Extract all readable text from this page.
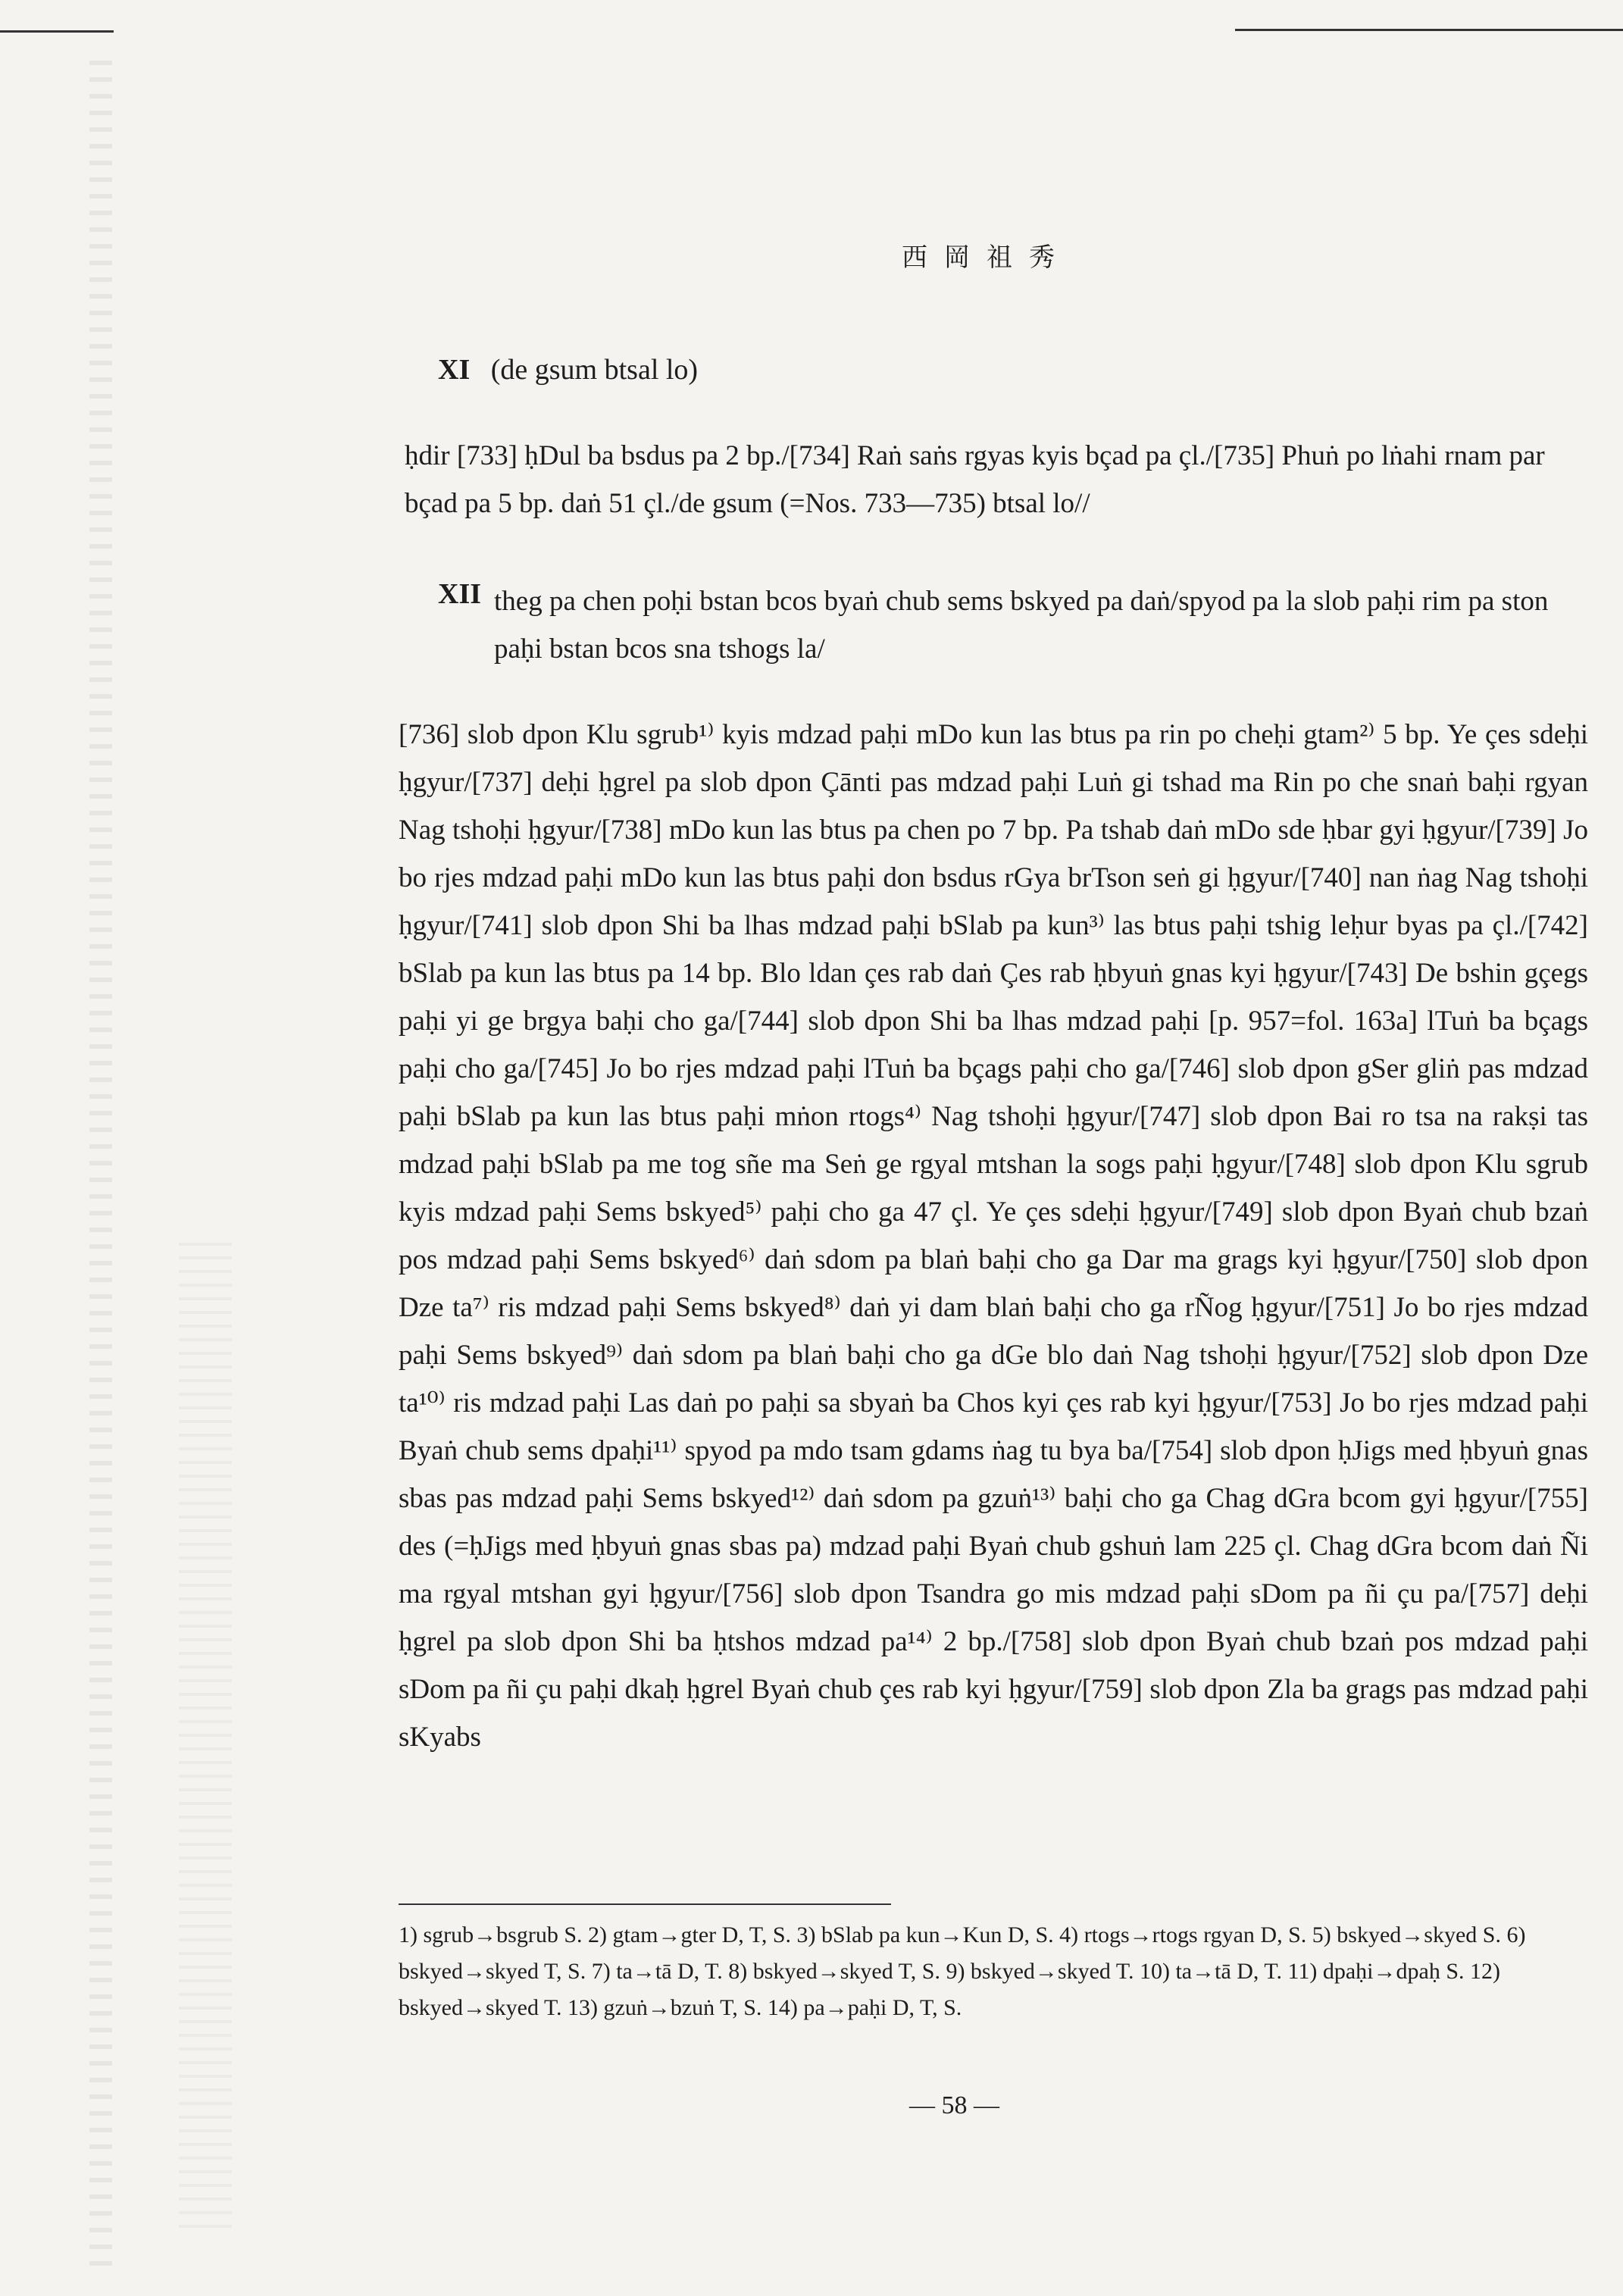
西岡祖秀
XI (de gsum btsal lo)
ḥdir [733] ḥDul ba bsdus pa 2 bp./[734] Raṅ saṅs rgyas kyis bçad pa çl./[735] Phuṅ po lṅahi rnam par bçad pa 5 bp. daṅ 51 çl./de gsum (=Nos. 733—735) btsal lo//
XII theg pa chen poḥi bstan bcos byaṅ chub sems bskyed pa daṅ/spyod pa la slob paḥi rim pa ston paḥi bstan bcos sna tshogs la/
[736] slob dpon Klu sgrub¹⁾ kyis mdzad paḥi mDo kun las btus pa rin po cheḥi gtam²⁾ 5 bp. Ye çes sdeḥi ḥgyur/[737] deḥi ḥgrel pa slob dpon Çānti pas mdzad paḥi Luṅ gi tshad ma Rin po che snaṅ baḥi rgyan Nag tshoḥi ḥgyur/[738] mDo kun las btus pa chen po 7 bp. Pa tshab daṅ mDo sde ḥbar gyi ḥgyur/[739] Jo bo rjes mdzad paḥi mDo kun las btus paḥi don bsdus rGya brTson seṅ gi ḥgyur/[740] nan ṅag Nag tshoḥi ḥgyur/[741] slob dpon Shi ba lhas mdzad paḥi bSlab pa kun³⁾ las btus paḥi tshig leḥur byas pa çl./[742] bSlab pa kun las btus pa 14 bp. Blo ldan çes rab daṅ Çes rab ḥbyuṅ gnas kyi ḥgyur/[743] De bshin gçegs paḥi yi ge brgya baḥi cho ga/[744] slob dpon Shi ba lhas mdzad paḥi [p. 957=fol. 163a] lTuṅ ba bçags paḥi cho ga/[745] Jo bo rjes mdzad paḥi lTuṅ ba bçags paḥi cho ga/[746] slob dpon gSer gliṅ pas mdzad paḥi bSlab pa kun las btus paḥi mṅon rtogs⁴⁾ Nag tshoḥi ḥgyur/[747] slob dpon Bai ro tsa na rakṣi tas mdzad paḥi bSlab pa me tog sñe ma Seṅ ge rgyal mtshan la sogs paḥi ḥgyur/[748] slob dpon Klu sgrub kyis mdzad paḥi Sems bskyed⁵⁾ paḥi cho ga 47 çl. Ye çes sdeḥi ḥgyur/[749] slob dpon Byaṅ chub bzaṅ pos mdzad paḥi Sems bskyed⁶⁾ daṅ sdom pa blaṅ baḥi cho ga Dar ma grags kyi ḥgyur/[750] slob dpon Dze ta⁷⁾ ris mdzad paḥi Sems bskyed⁸⁾ daṅ yi dam blaṅ baḥi cho ga rÑog ḥgyur/[751] Jo bo rjes mdzad paḥi Sems bskyed⁹⁾ daṅ sdom pa blaṅ baḥi cho ga dGe blo daṅ Nag tshoḥi ḥgyur/[752] slob dpon Dze ta¹⁰⁾ ris mdzad paḥi Las daṅ po paḥi sa sbyaṅ ba Chos kyi çes rab kyi ḥgyur/[753] Jo bo rjes mdzad paḥi Byaṅ chub sems dpaḥi¹¹⁾ spyod pa mdo tsam gdams ṅag tu bya ba/[754] slob dpon ḥJigs med ḥbyuṅ gnas sbas pas mdzad paḥi Sems bskyed¹²⁾ daṅ sdom pa gzuṅ¹³⁾ baḥi cho ga Chag dGra bcom gyi ḥgyur/[755] des (=ḥJigs med ḥbyuṅ gnas sbas pa) mdzad paḥi Byaṅ chub gshuṅ lam 225 çl. Chag dGra bcom daṅ Ñi ma rgyal mtshan gyi ḥgyur/[756] slob dpon Tsandra go mis mdzad paḥi sDom pa ñi çu pa/[757] deḥi ḥgrel pa slob dpon Shi ba ḥtshos mdzad pa¹⁴⁾ 2 bp./[758] slob dpon Byaṅ chub bzaṅ pos mdzad paḥi sDom pa ñi çu paḥi dkaḥ ḥgrel Byaṅ chub çes rab kyi ḥgyur/[759] slob dpon Zla ba grags pas mdzad paḥi sKyabs
1) sgrub→bsgrub S. 2) gtam→gter D, T, S. 3) bSlab pa kun→Kun D, S. 4) rtogs→rtogs rgyan D, S. 5) bskyed→skyed S. 6) bskyed→skyed T, S. 7) ta→tā D, T. 8) bskyed→skyed T, S. 9) bskyed→skyed T. 10) ta→tā D, T. 11) dpaḥi→dpaḥ S. 12) bskyed→skyed T. 13) gzuṅ→bzuṅ T, S. 14) pa→paḥi D, T, S.
— 58 —
